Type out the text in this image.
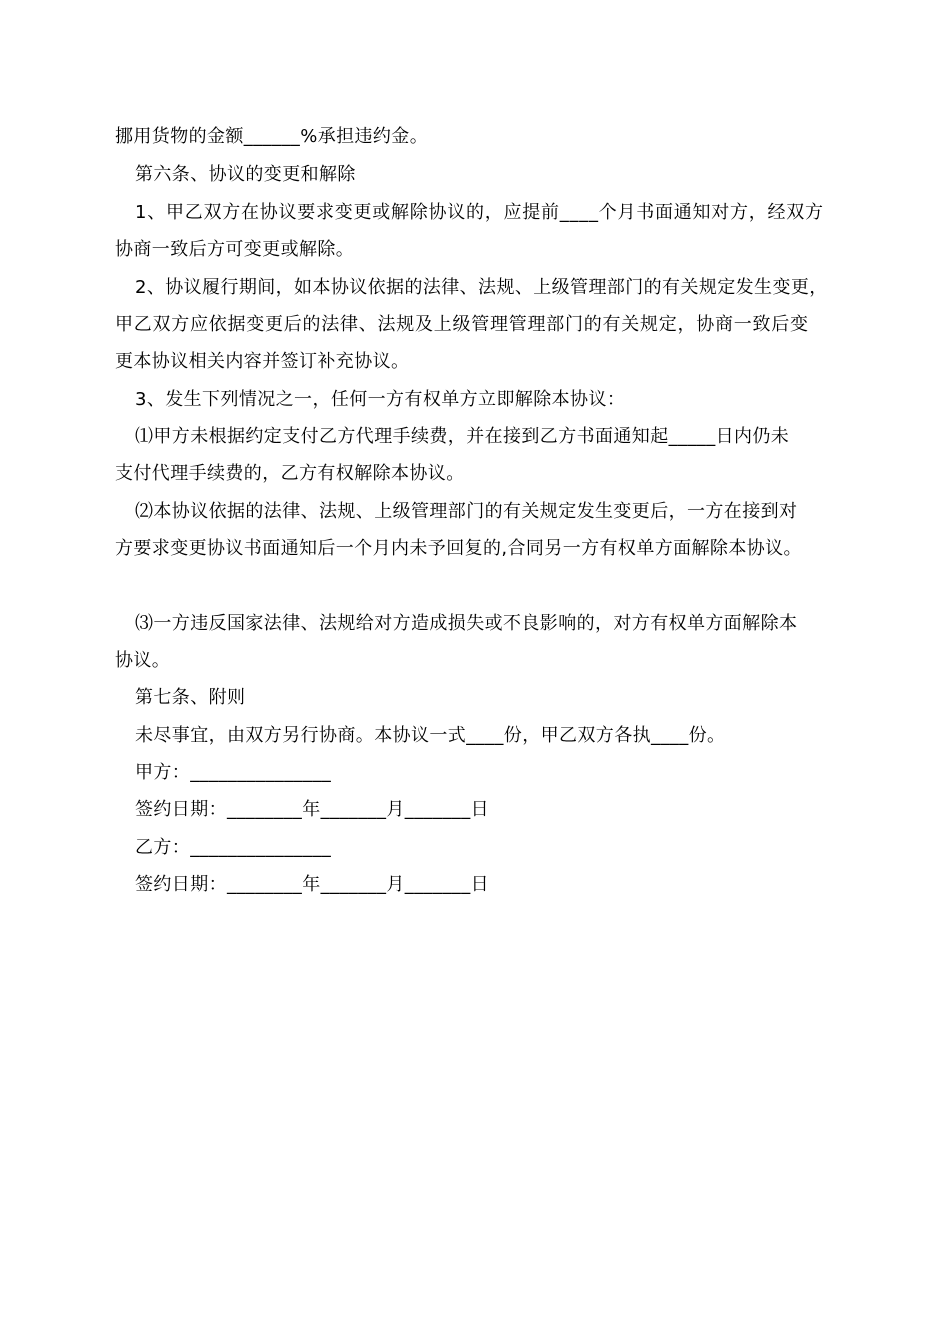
挪用货物的金额______%承担违约金。
第六条、协议的变更和解除
1、甲乙双方在协议要求变更或解除协议的，应提前____个月书面通知对方，经双方
协商一致后方可变更或解除。
2、协议履行期间，如本协议依据的法律、法规、上级管理部门的有关规定发生变更，
甲乙双方应依据变更后的法律、法规及上级管理管理部门的有关规定，协商一致后变
更本协议相关内容并签订补充协议。
3、发生下列情况之一，任何一方有权单方立即解除本协议：
⑴甲方未根据约定支付乙方代理手续费，并在接到乙方书面通知起_____日内仍未
支付代理手续费的，乙方有权解除本协议。
⑵本协议依据的法律、法规、上级管理部门的有关规定发生变更后，一方在接到对
方要求变更协议书面通知后一个月内未予回复的,合同另一方有权单方面解除本协议。
⑶一方违反国家法律、法规给对方造成损失或不良影响的，对方有权单方面解除本
协议。
第七条、附则
未尽事宜，由双方另行协商。本协议一式____份，甲乙双方各执____份。
甲方：_______________
签约日期：________年_______月_______日
乙方：_______________
签约日期：________年_______月_______日
